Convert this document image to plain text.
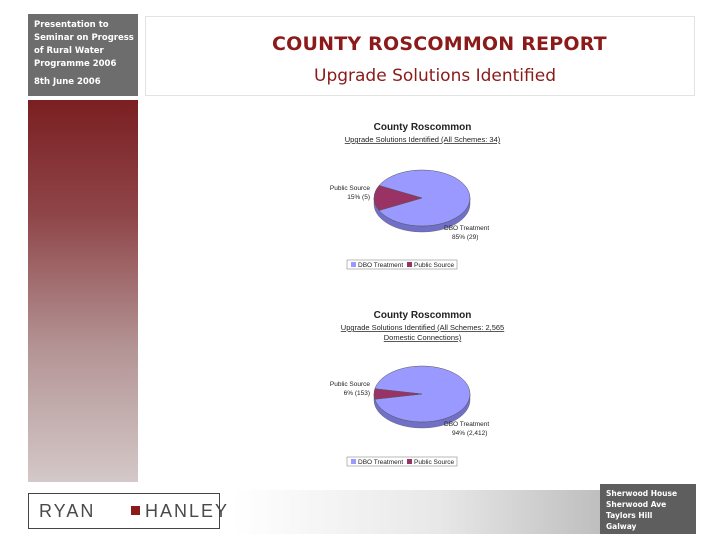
Presentation to
Seminar on Progress
of Rural Water
Programme 2006
8th June 2006
COUNTY ROSCOMMON REPORT
Upgrade Solutions Identified
County Roscommon
Upgrade Solutions Identified (All Schemes: 34)
Public Source
15% (5)
DBO Treatment
85% (29)
DBO Treatment Public Source
County Roscommon
Upgrade Solutions Identified (All Schemes: 2,565
Domestic Connections)
Public Source
6% (153)
DBO Treatment
94% (2,412)
DBO Treatment Public Source
RYAN	HANLEY
Sherwood House
Sherwood Ave
Taylors Hill
Galway
